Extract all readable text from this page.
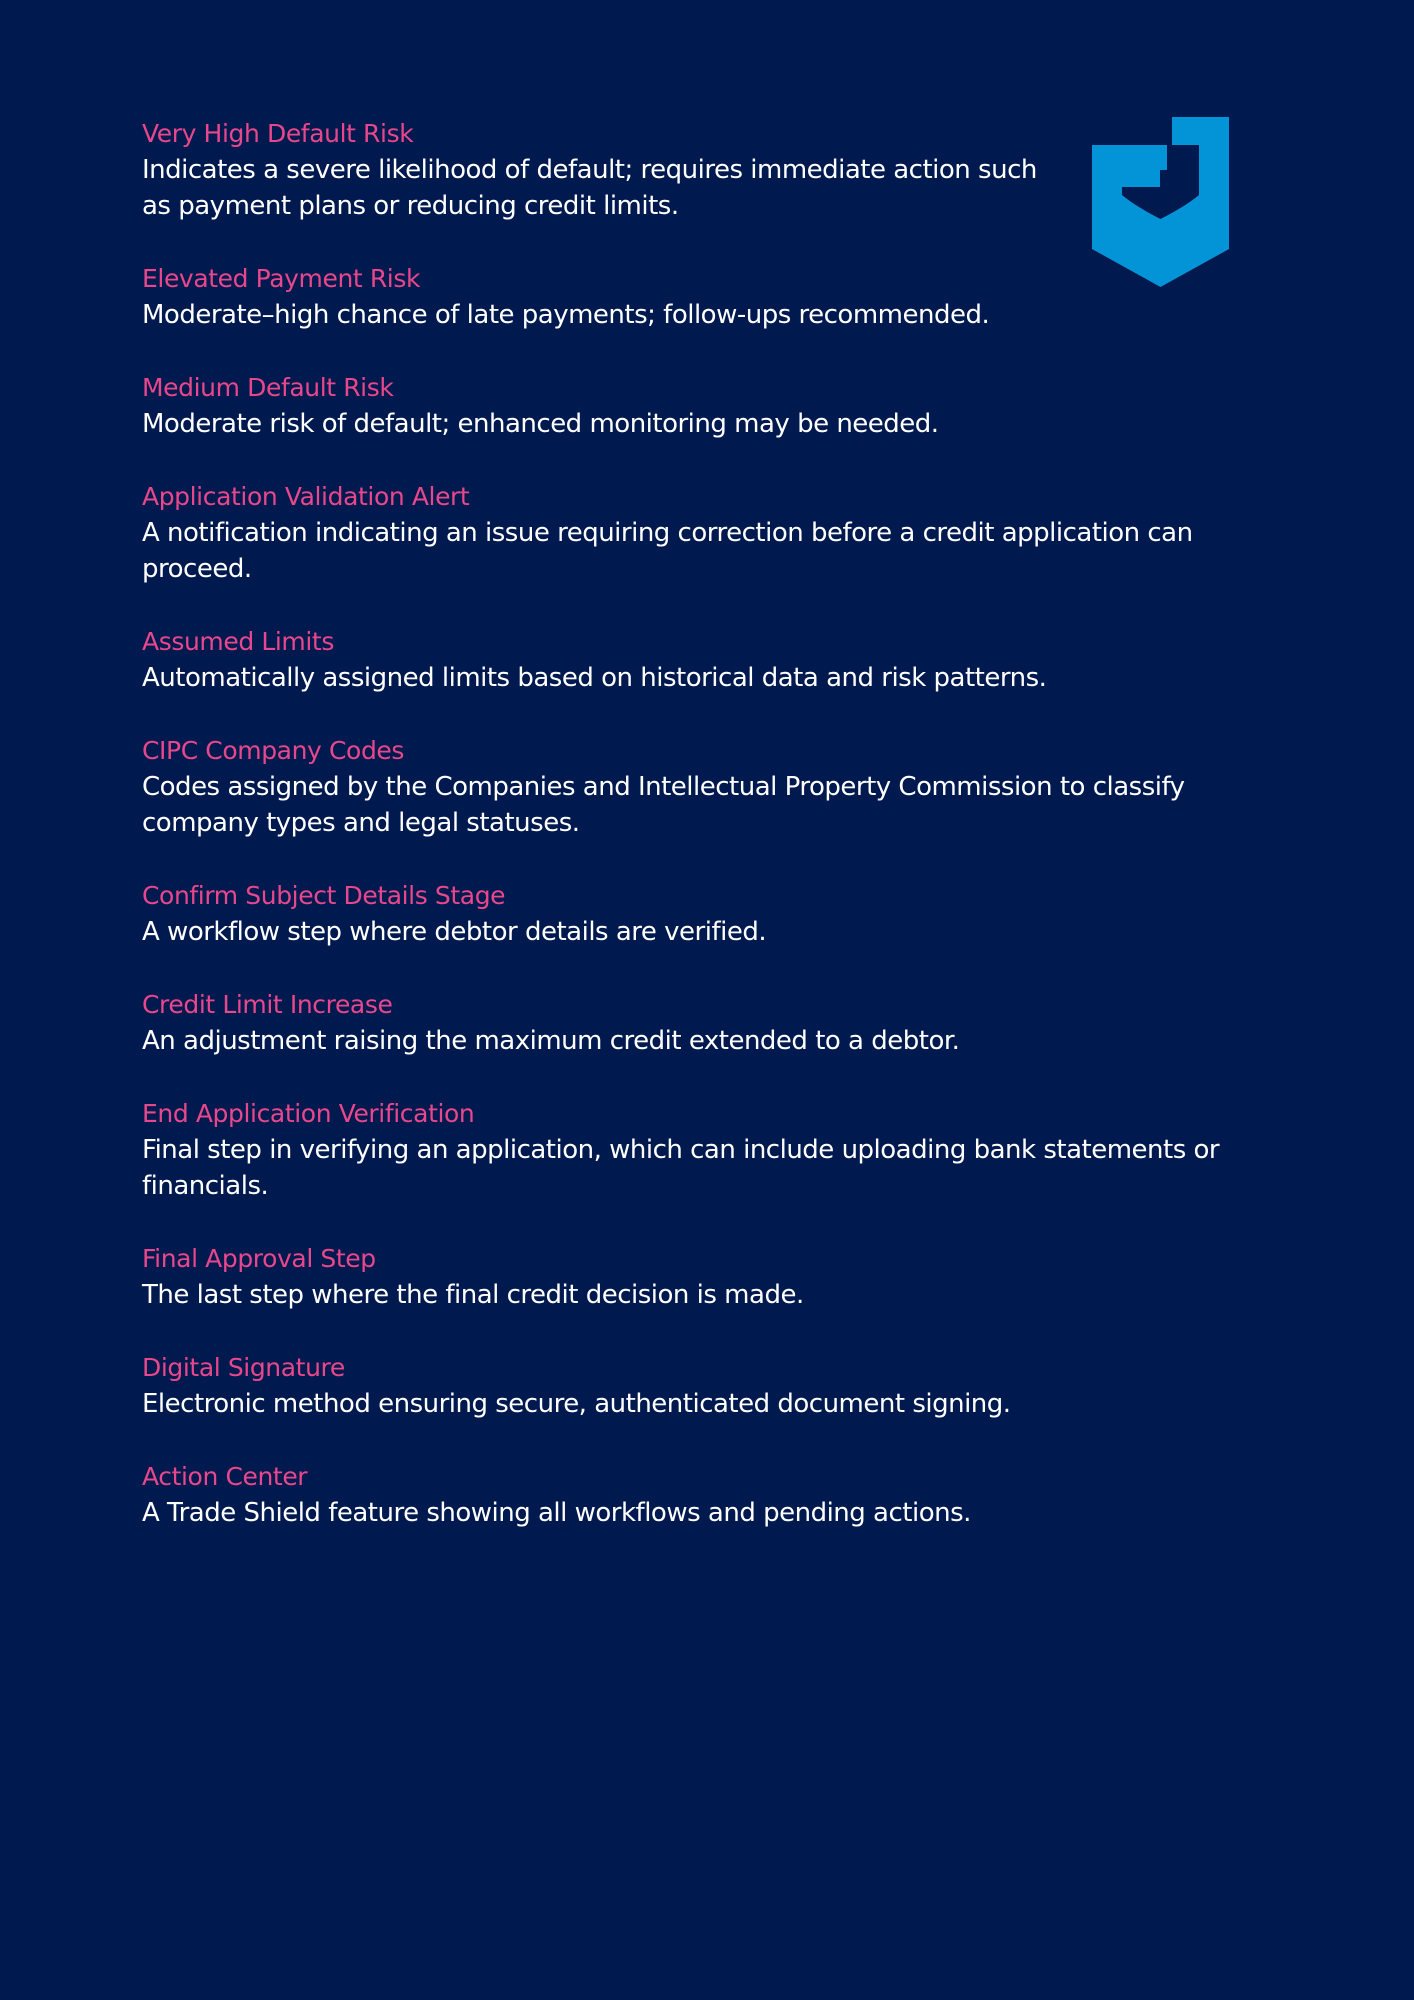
Very High Default Risk

Indicates a severe likelihood of default; requires immediate action such as payment plans or reducing credit limits.

Elevated Payment Risk

Moderate–high chance of late payments; follow-ups recommended.

Medium Default Risk

Moderate risk of default; enhanced monitoring may be needed.

Application Validation Alert

A notification indicating an issue requiring correction before a credit application can proceed.

Assumed Limits

Automatically assigned limits based on historical data and risk patterns.

CIPC Company Codes

Codes assigned by the Companies and Intellectual Property Commission to classify company types and legal statuses.

Confirm Subject Details Stage

A workflow step where debtor details are verified.

Credit Limit Increase

An adjustment raising the maximum credit extended to a debtor.

End Application Verification

Final step in verifying an application, which can include uploading bank statements or financials.

Final Approval Step

The last step where the final credit decision is made.

Digital Signature

Electronic method ensuring secure, authenticated document signing.

Action Center

A Trade Shield feature showing all workflows and pending actions.
